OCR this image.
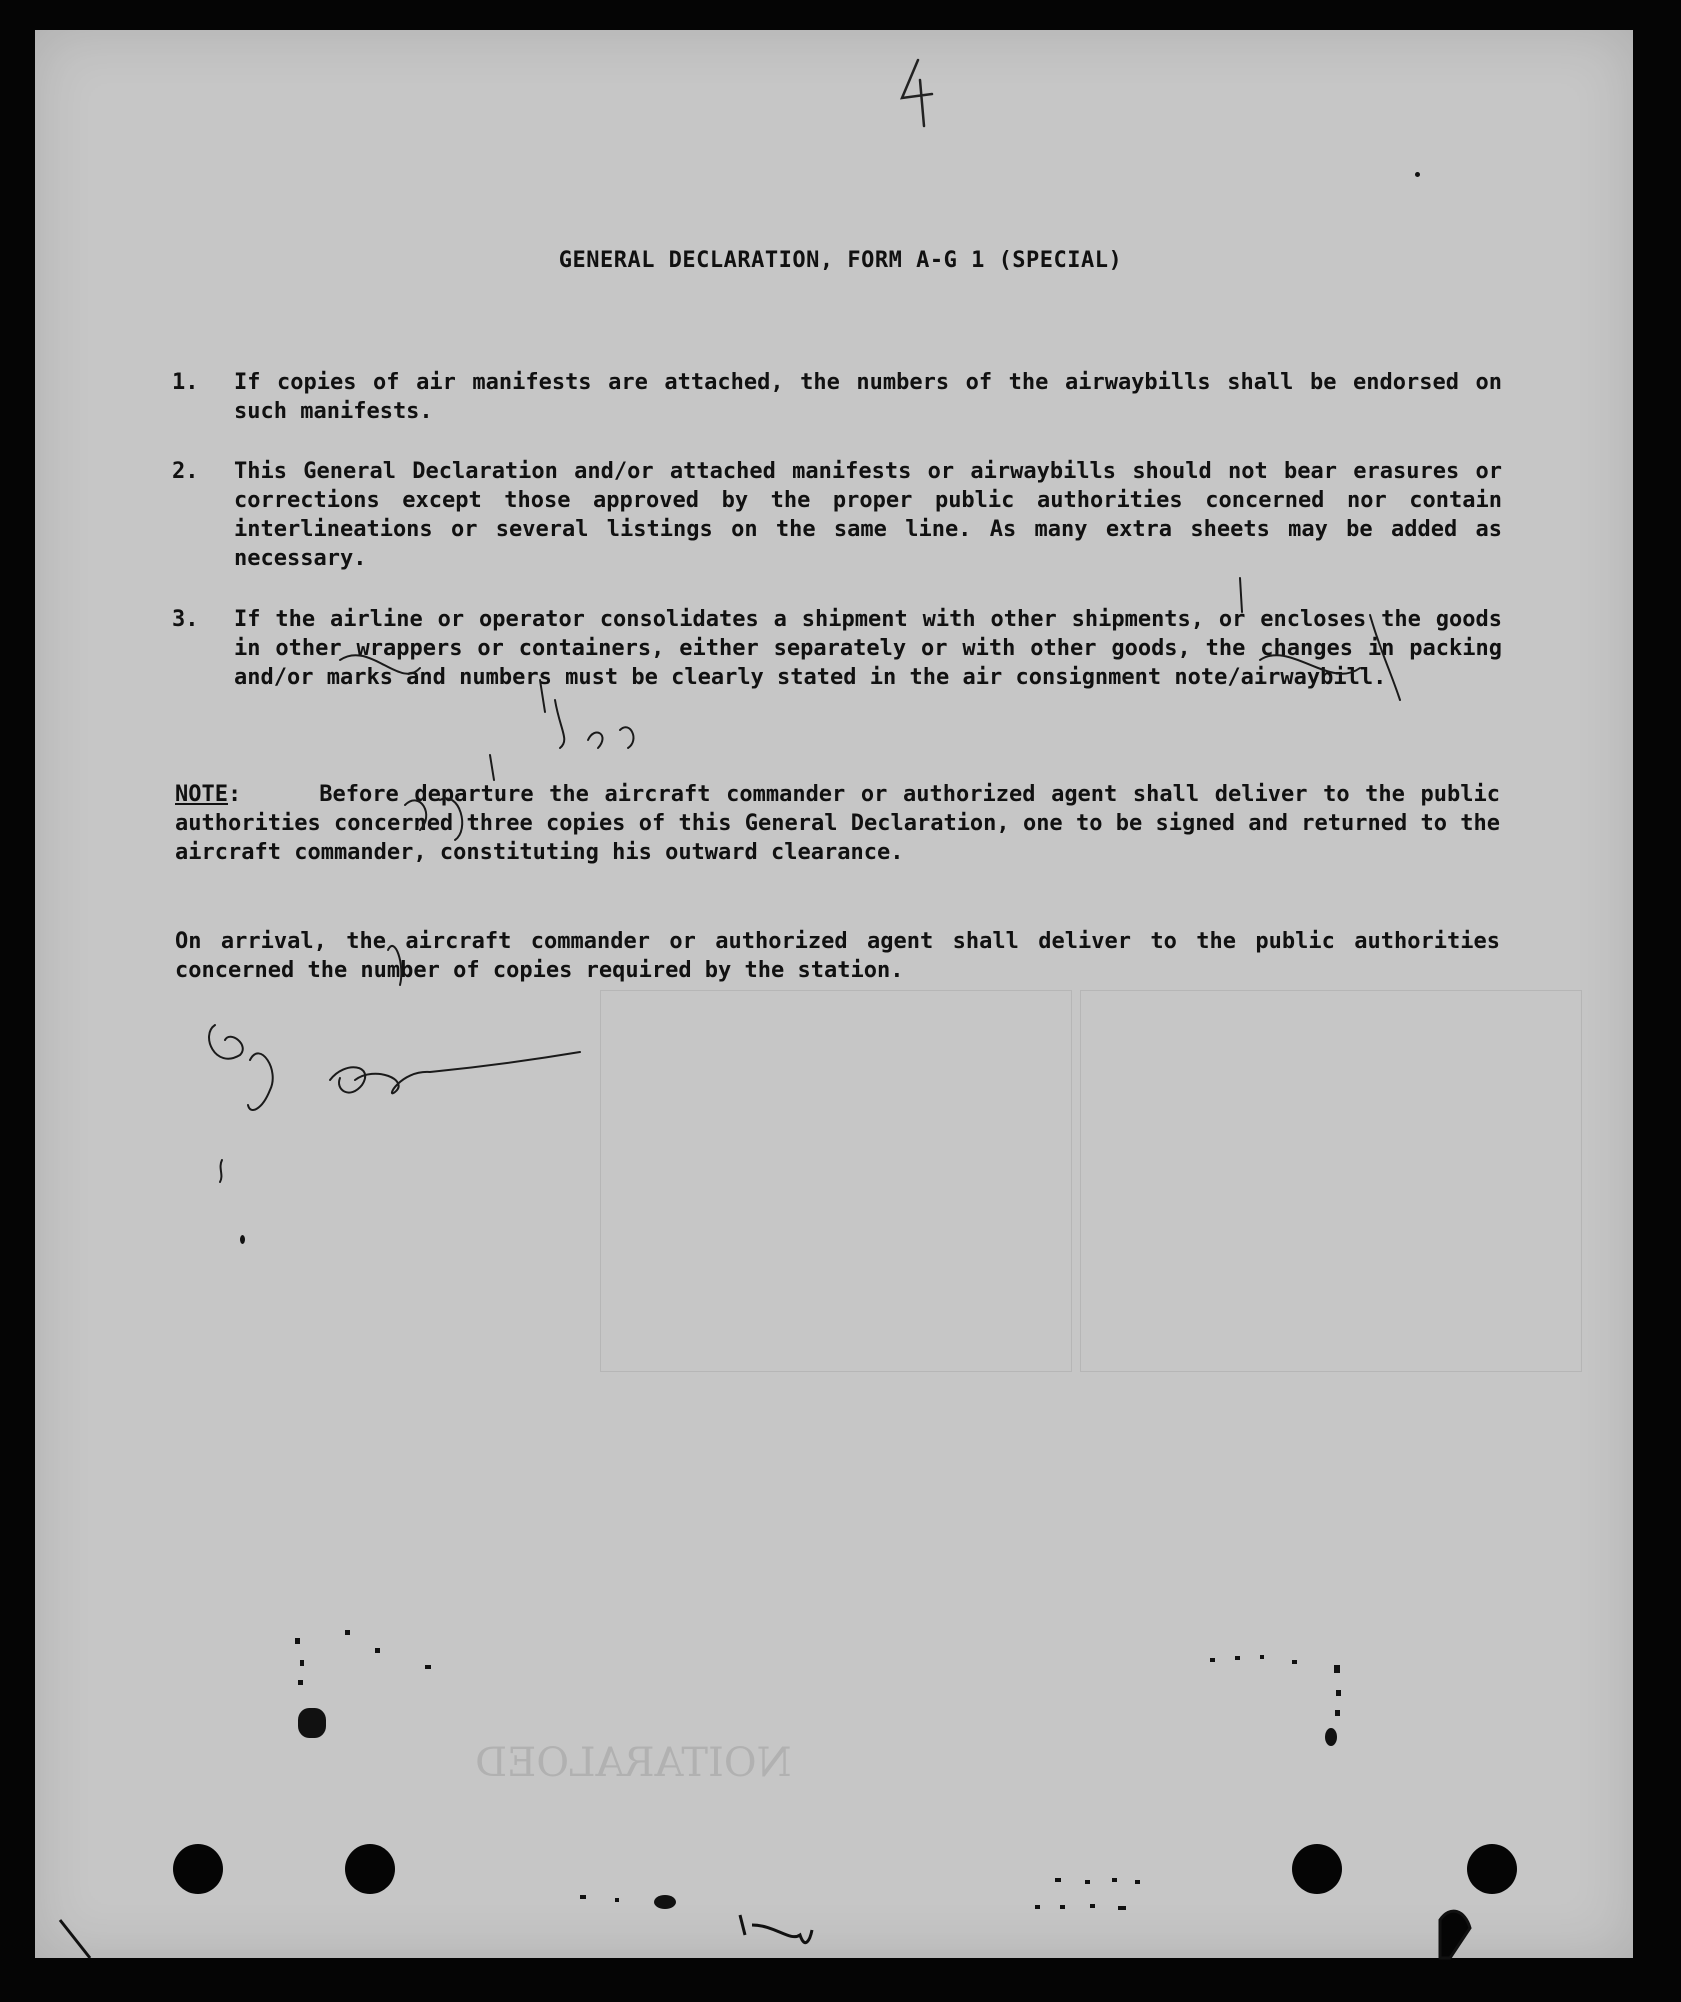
NOITARALOED
GENERAL DECLARATION, FORM A-G 1 (SPECIAL)
1. If copies of air manifests are attached, the numbers of the airwaybills shall be endorsed on such manifests.
2. This General Declaration and/or attached manifests or airwaybills should not bear erasures or corrections except those approved by the proper public authorities concerned nor contain interlineations or several listings on the same line. As many extra sheets may be added as necessary.
3. If the airline or operator consolidates a shipment with other shipments, or encloses the goods in other wrappers or containers, either separately or with other goods, the changes in packing and/or marks and numbers must be clearly stated in the air consignment note/airwaybill.
NOTE:     Before departure the aircraft commander or authorized agent shall deliver to the public authorities concerned three copies of this General Declaration, one to be signed and returned to the aircraft commander, constituting his outward clearance.
On arrival, the aircraft commander or authorized agent shall deliver to the public authorities concerned the number of copies required by the station.
